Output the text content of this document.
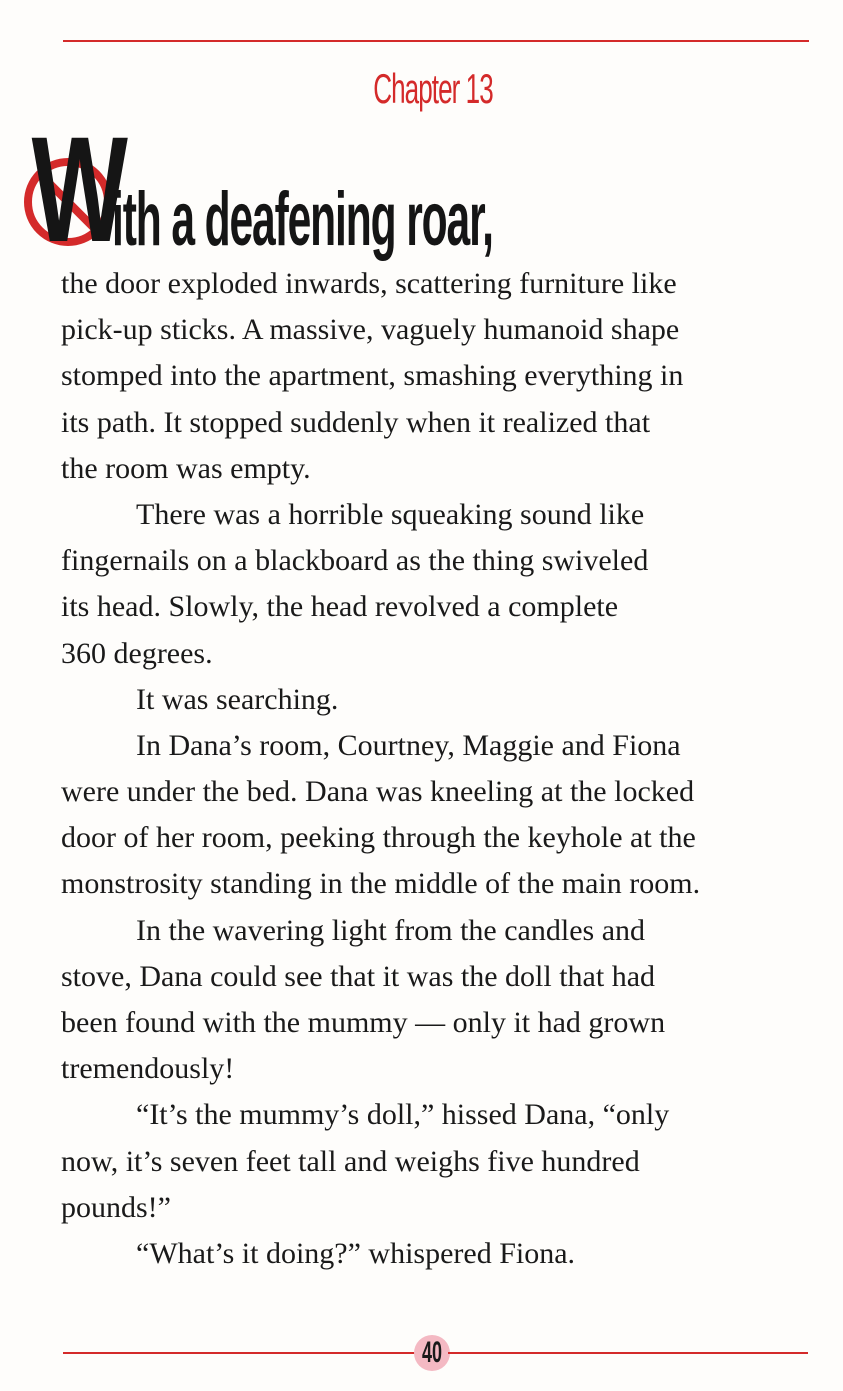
Chapter 13
W
ith a deafening roar,
the door exploded inwards, scattering furniture like
pick-up sticks. A massive, vaguely humanoid shape
stomped into the apartment, smashing everything in
its path. It stopped suddenly when it realized that
the room was empty.
There was a horrible squeaking sound like
fingernails on a blackboard as the thing swiveled
its head. Slowly, the head revolved a complete
360 degrees.
It was searching.
In Dana’s room, Courtney, Maggie and Fiona
were under the bed. Dana was kneeling at the locked
door of her room, peeking through the keyhole at the
monstrosity standing in the middle of the main room.
In the wavering light from the candles and
stove, Dana could see that it was the doll that had
been found with the mummy — only it had grown
tremendously!
“It’s the mummy’s doll,” hissed Dana, “only
now, it’s seven feet tall and weighs five hundred
pounds!”
“What’s it doing?” whispered Fiona.
40
